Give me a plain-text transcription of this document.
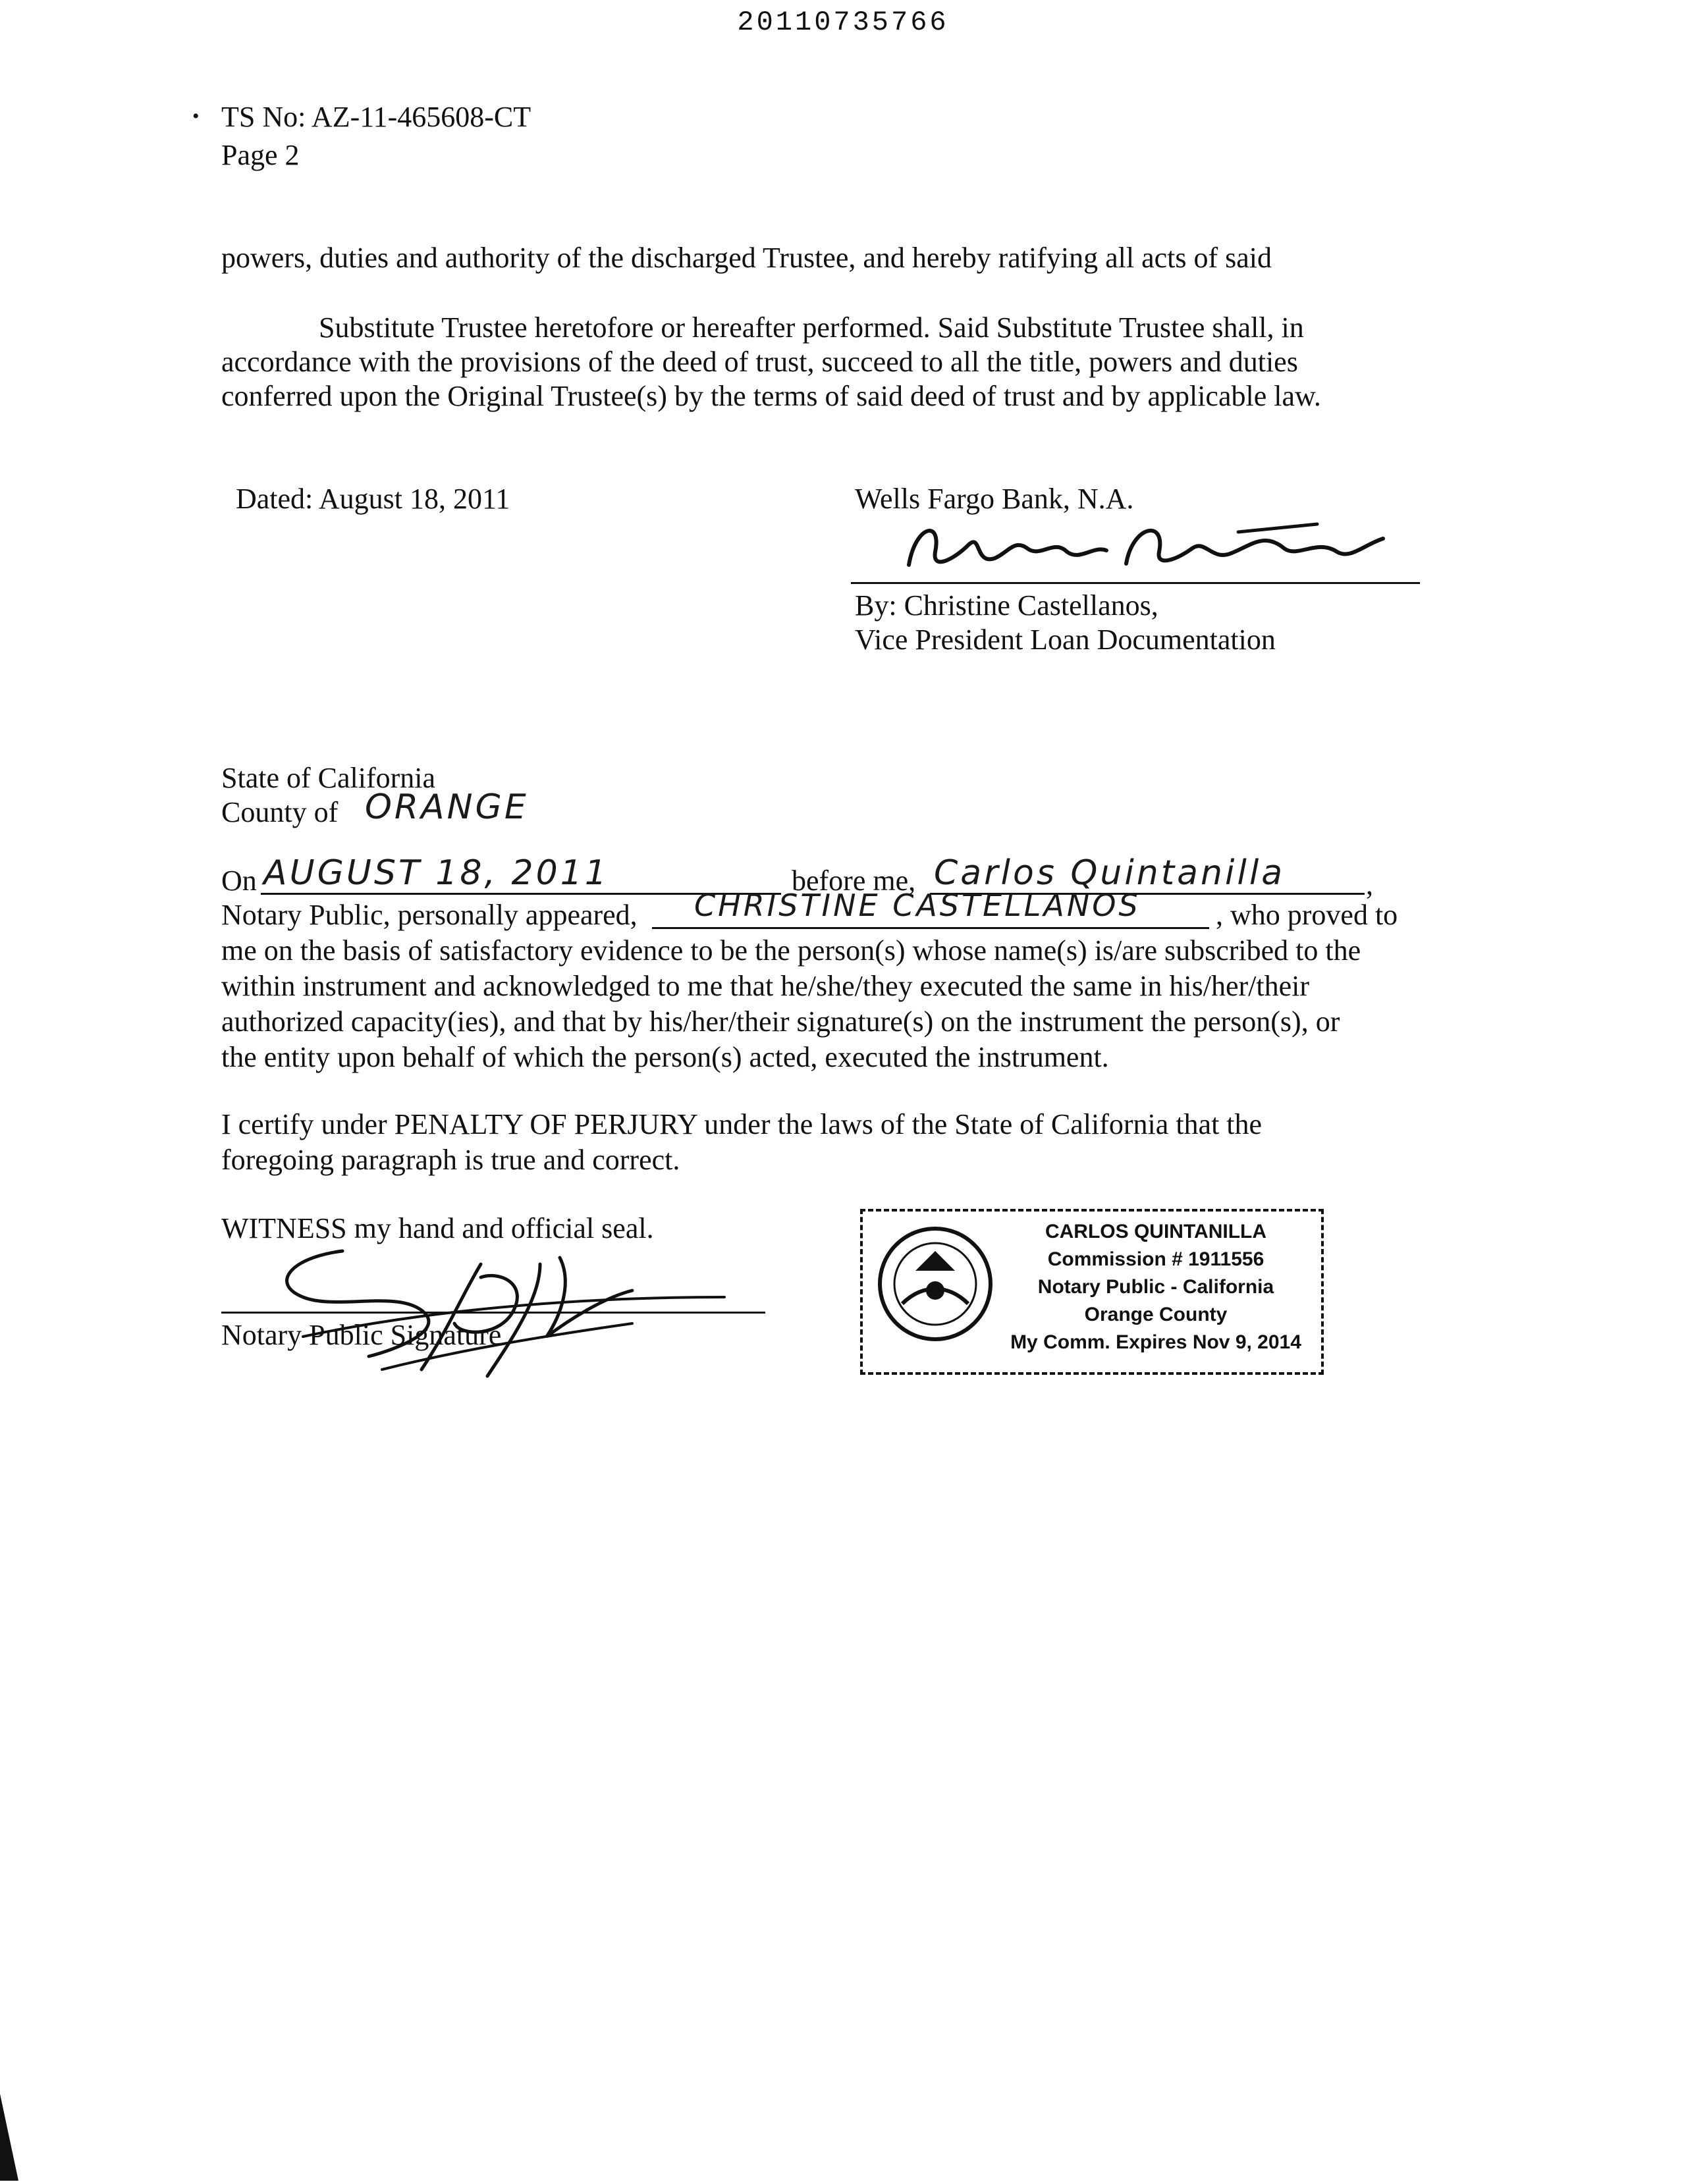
20110735766
• TS No: AZ-11-465608-CT
Page 2
powers, duties and authority of the discharged Trustee, and hereby ratifying all acts of said
Substitute Trustee heretofore or hereafter performed. Said Substitute Trustee shall, in
accordance with the provisions of the deed of trust, succeed to all the title, powers and duties
conferred upon the Original Trustee(s) by the terms of said deed of trust and by applicable law.
Dated: August 18, 2011	Wells Fargo Bank, N.A.
By: Christine Castellanos,
Vice President Loan Documentation
State of California
County of ORANGE
On AUGUST 18, 2011	before me, Carlos Quintanilla	,
Notary Public, personally appeared, CHRISTINE CASTELLANOS	, who proved to
me on the basis of satisfactory evidence to be the person(s) whose name(s) is/are subscribed to the
within instrument and acknowledged to me that he/she/they executed the same in his/her/their
authorized capacity(ies), and that by his/her/their signature(s) on the instrument the person(s), or
the entity upon behalf of which the person(s) acted, executed the instrument.
I certify under PENALTY OF PERJURY under the laws of the State of California that the
foregoing paragraph is true and correct.
WITNESS my hand and official seal.
Notary Public Signature
CARLOS QUINTANILLA
Commission # 1911556
Notary Public - California
Orange County
My Comm. Expires Nov 9, 2014
